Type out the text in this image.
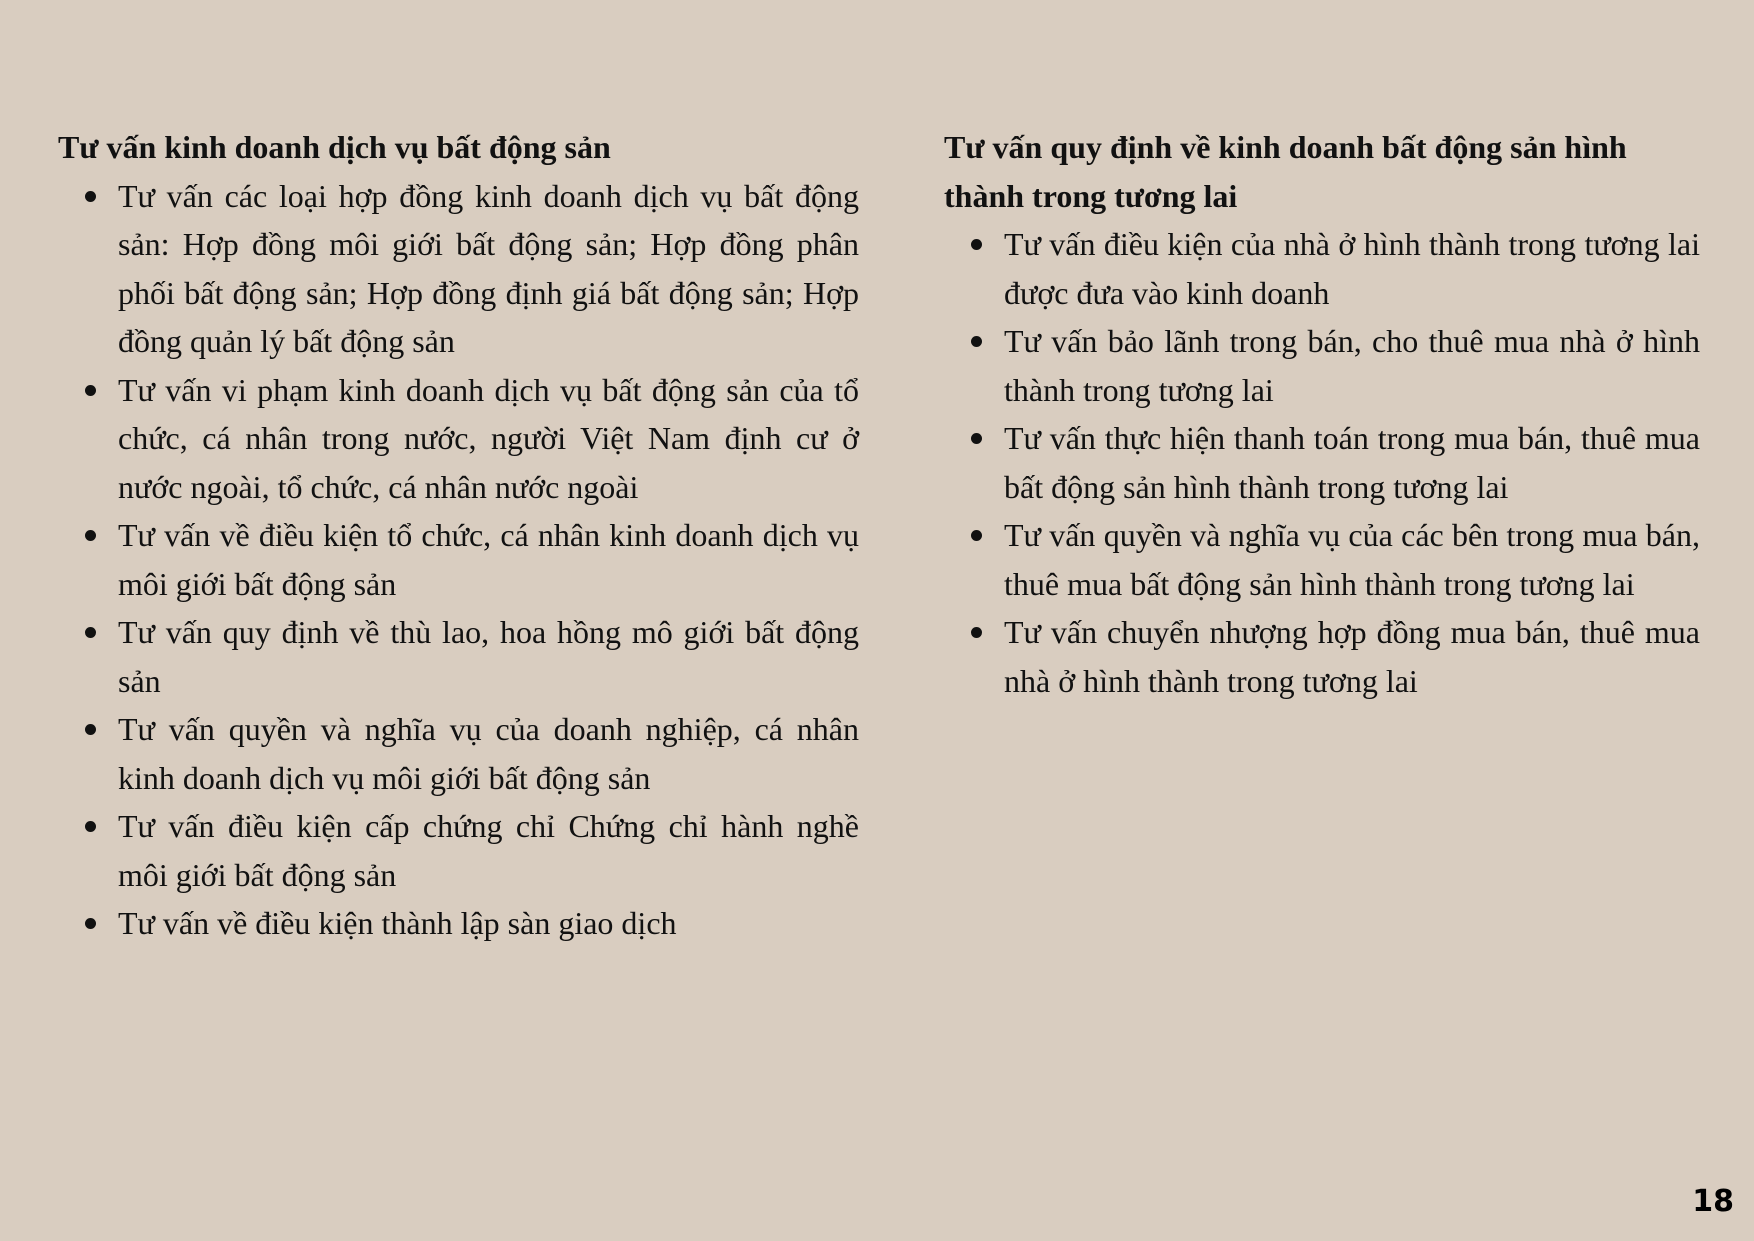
Tư vấn kinh doanh dịch vụ bất động sản
Tư vấn các loại hợp đồng kinh doanh dịch vụ bất động sản: Hợp đồng môi giới bất động sản; Hợp đồng phân phối bất động sản; Hợp đồng định giá bất động sản; Hợp đồng quản lý bất động sản
Tư vấn vi phạm kinh doanh dịch vụ bất động sản của tổ chức, cá nhân trong nước, người Việt Nam định cư ở nước ngoài, tổ chức, cá nhân nước ngoài
Tư vấn về điều kiện tổ chức, cá nhân kinh doanh dịch vụ môi giới bất động sản
Tư vấn quy định về thù lao, hoa hồng mô giới bất động sản
Tư vấn quyền và nghĩa vụ của doanh nghiệp, cá nhân kinh doanh dịch vụ môi giới bất động sản
Tư vấn điều kiện cấp chứng chỉ Chứng chỉ hành nghề môi giới bất động sản
Tư vấn về điều kiện thành lập sàn giao dịch
Tư vấn quy định về kinh doanh bất động sản hình thành trong tương lai
Tư vấn điều kiện của nhà ở hình thành trong tương lai được đưa vào kinh doanh
Tư vấn bảo lãnh trong bán, cho thuê mua nhà ở hình thành trong tương lai
Tư vấn thực hiện thanh toán trong mua bán, thuê mua bất động sản hình thành trong tương lai
Tư vấn quyền và nghĩa vụ của các bên trong mua bán, thuê mua bất động sản hình thành trong tương lai
Tư vấn chuyển nhượng hợp đồng mua bán, thuê mua nhà ở hình thành trong tương lai
18
